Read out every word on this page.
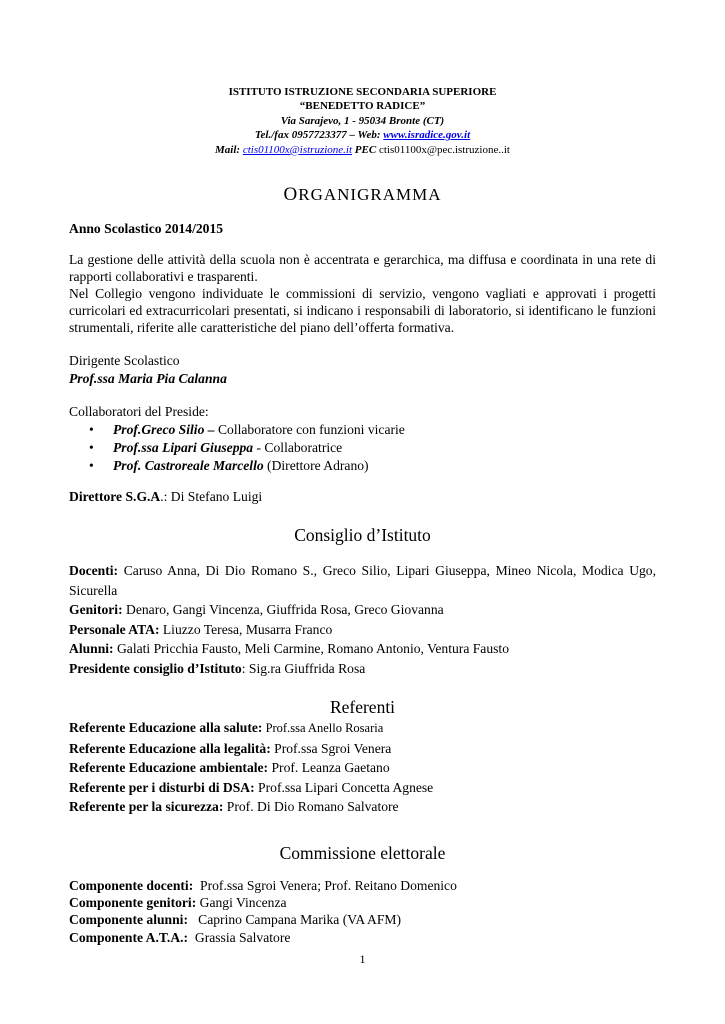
ISTITUTO ISTRUZIONE SECONDARIA SUPERIORE
“BENEDETTO RADICE”
Via Sarajevo, 1 - 95034 Bronte (CT)
Tel./fax 0957723377 – Web: www.isradice.gov.it
Mail: ctis01100x@istruzione.it PEC ctis01100x@pec.istruzione..it
ORGANIGRAMMA
Anno Scolastico 2014/2015
La gestione delle attività della scuola non è accentrata e gerarchica, ma diffusa e coordinata in una rete di rapporti collaborativi e trasparenti.
Nel Collegio vengono individuate le commissioni di servizio, vengono vagliati e approvati i progetti curricolari ed extracurricolari presentati, si indicano i responsabili di laboratorio, si identificano le funzioni strumentali, riferite alle caratteristiche del piano dell’offerta formativa.
Dirigente Scolastico
Prof.ssa Maria Pia Calanna
Collaboratori del Preside:
• Prof.Greco Silio – Collaboratore con funzioni vicarie
• Prof.ssa Lipari Giuseppa - Collaboratrice
• Prof. Castroreale Marcello (Direttore Adrano)
Direttore S.G.A.: Di Stefano Luigi
Consiglio d’Istituto
Docenti: Caruso Anna, Di Dio Romano S., Greco Silio, Lipari Giuseppa, Mineo Nicola, Modica Ugo, Sicurella
Genitori: Denaro, Gangi Vincenza, Giuffrida Rosa, Greco Giovanna
Personale ATA: Liuzzo Teresa, Musarra Franco
Alunni: Galati Pricchia Fausto, Meli Carmine, Romano Antonio, Ventura Fausto
Presidente consiglio d’Istituto: Sig.ra Giuffrida Rosa
Referenti
Referente Educazione alla salute: Prof.ssa Anello Rosaria
Referente Educazione alla legalità: Prof.ssa Sgroi Venera
Referente Educazione ambientale: Prof. Leanza Gaetano
Referente per i disturbi di DSA: Prof.ssa Lipari Concetta Agnese
Referente per la sicurezza: Prof. Di Dio Romano Salvatore
Commissione elettorale
Componente docenti:  Prof.ssa Sgroi Venera; Prof. Reitano Domenico
Componente genitori: Gangi Vincenza
Componente alunni:   Caprino Campana Marika (VA AFM)
Componente A.T.A.:  Grassia Salvatore
1
